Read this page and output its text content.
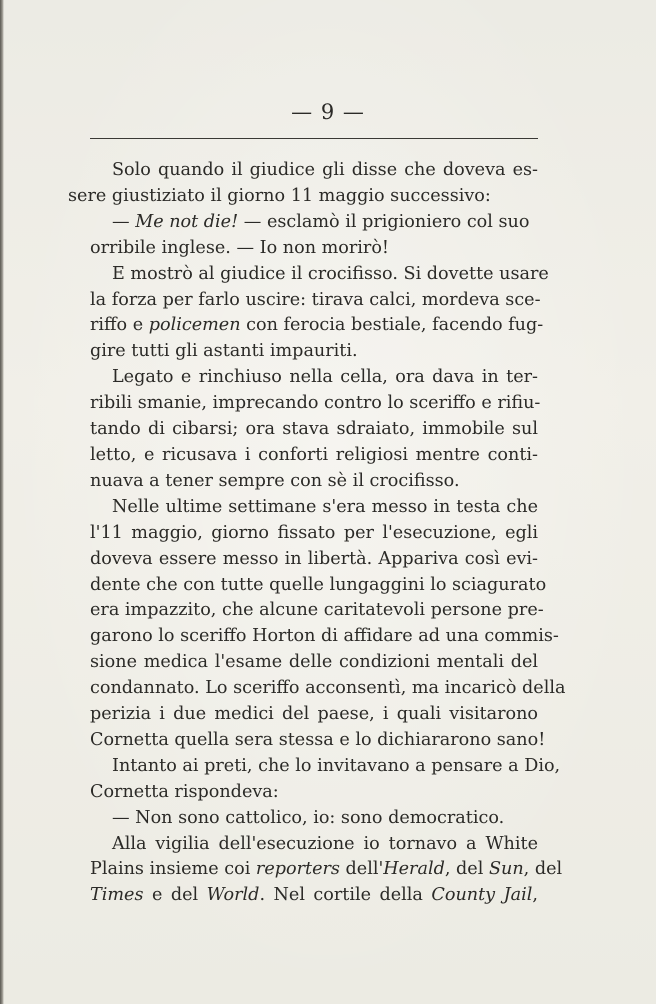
— 9 —

Solo quando il giudice gli disse che doveva es-
sere giustiziato il giorno 11 maggio successivo:

— Me not die! — esclamò il prigioniero col suo
orribile inglese. — Io non morirò!

E mostrò al giudice il crocifisso. Si dovette usare
la forza per farlo uscire: tirava calci, mordeva sce-
riffo e policemen con ferocia bestiale, facendo fug-
gire tutti gli astanti impauriti.

Legato e rinchiuso nella cella, ora dava in ter-
ribili smanie, imprecando contro lo sceriffo e rifiu-
tando di cibarsi; ora stava sdraiato, immobile sul
letto, e ricusava i conforti religiosi mentre conti-
nuava a tener sempre con sè il crocifisso.

Nelle ultime settimane s'era messo in testa che
l'11 maggio, giorno fissato per l'esecuzione, egli
doveva essere messo in libertà. Appariva così evi-
dente che con tutte quelle lungaggini lo sciagurato
era impazzito, che alcune caritatevoli persone pre-
garono lo sceriffo Horton di affidare ad una commis-
sione medica l'esame delle condizioni mentali del
condannato. Lo sceriffo acconsentì, ma incaricò della
perizia i due medici del paese, i quali visitarono
Cornetta quella sera stessa e lo dichiararono sano!

Intanto ai preti, che lo invitavano a pensare a Dio,
Cornetta rispondeva:

— Non sono cattolico, io: sono democratico.

Alla vigilia dell'esecuzione io tornavo a White
Plains insieme coi reporters dell'Herald, del Sun, del
Times e del World. Nel cortile della County Jail,
